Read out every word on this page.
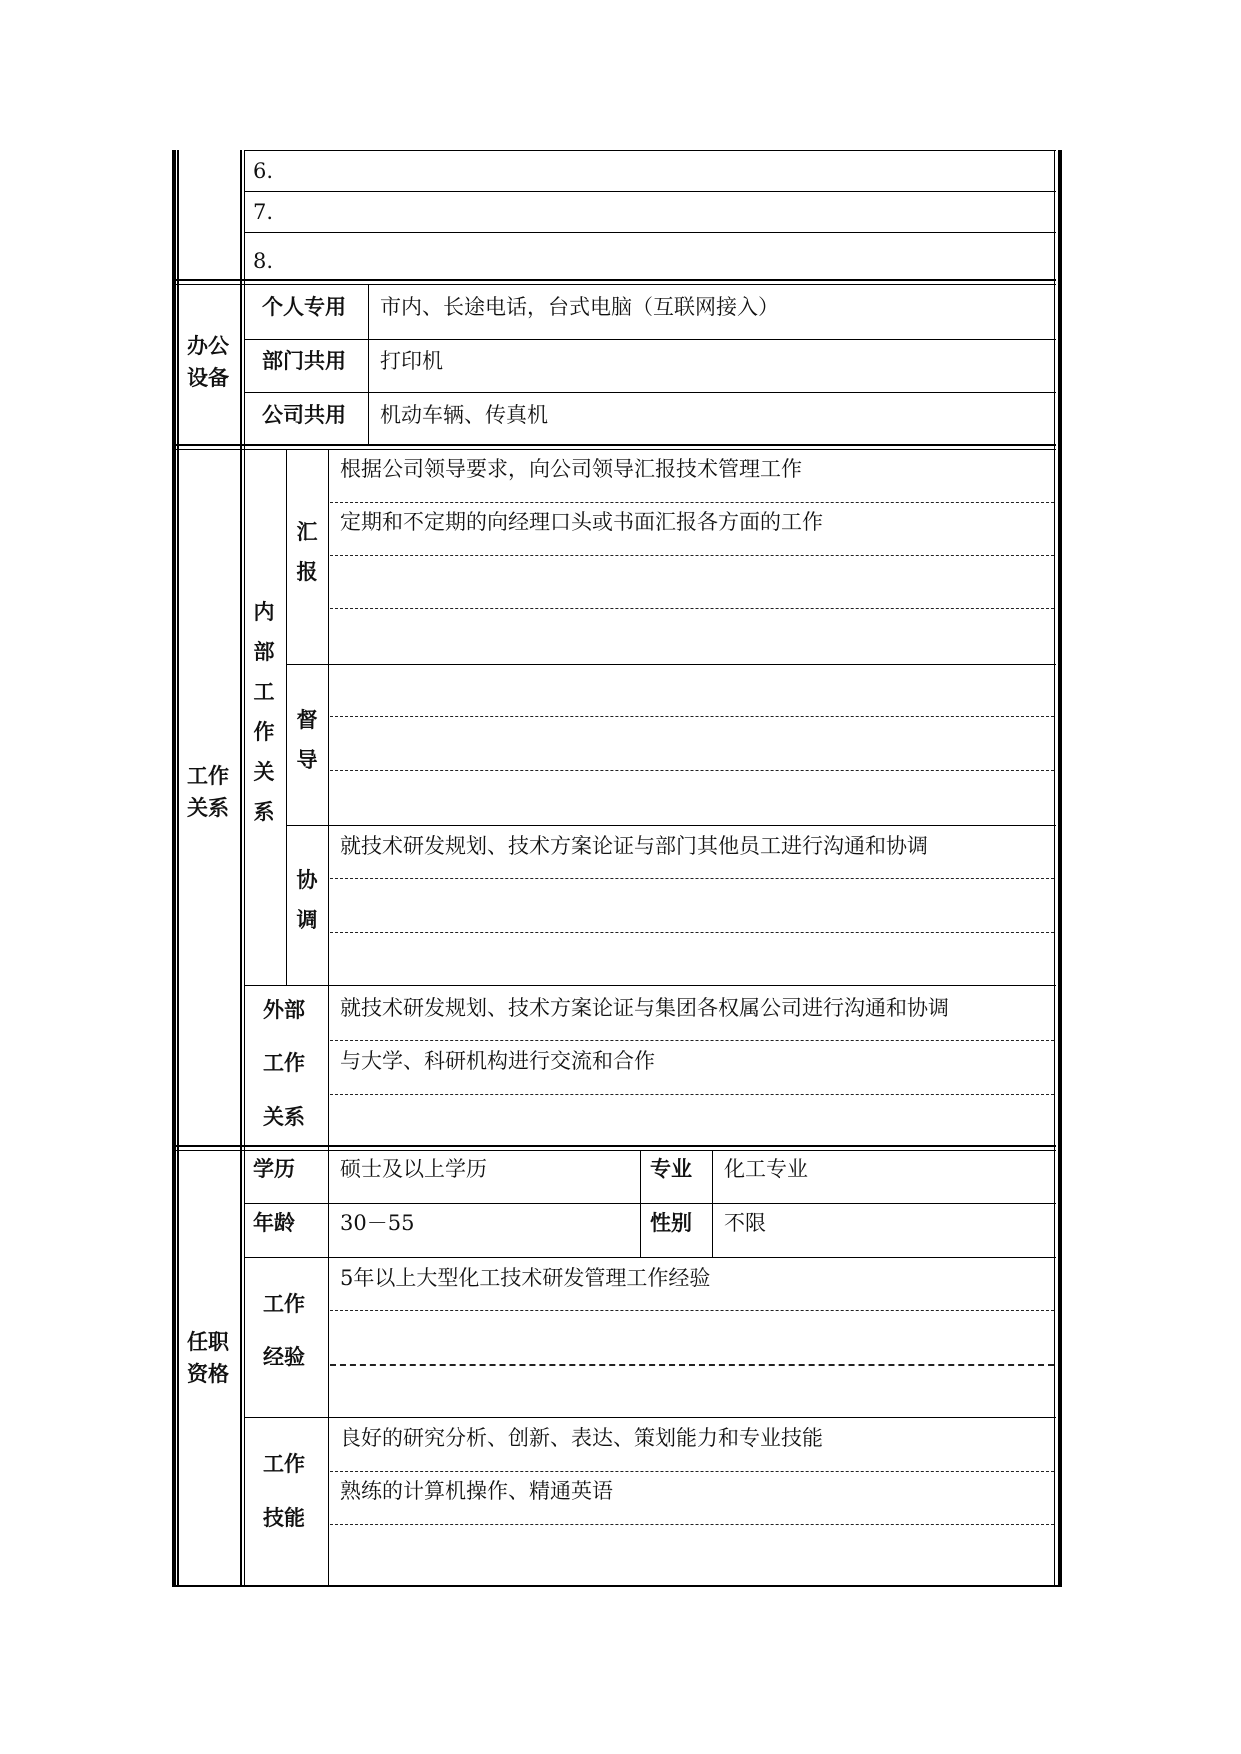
6.
7.
8.
办公
设备
个人专用 市内、长途电话，台式电脑（互联网接入）
部门共用 打印机
公司共用 机动车辆、传真机
工作
关系
内
部
工
作
关
系
汇
报
根据公司领导要求，向公司领导汇报技术管理工作
定期和不定期的向经理口头或书面汇报各方面的工作
督
导
协
调
就技术研发规划、技术方案论证与部门其他员工进行沟通和协调
外部
工作
关系
就技术研发规划、技术方案论证与集团各权属公司进行沟通和协调
与大学、科研机构进行交流和合作
任职
资格
学历 硕士及以上学历	专业 化工专业
年龄 30－55	性别 不限
工作
经验
5年以上大型化工技术研发管理工作经验
工作
技能
良好的研究分析、创新、表达、策划能力和专业技能
熟练的计算机操作、精通英语
